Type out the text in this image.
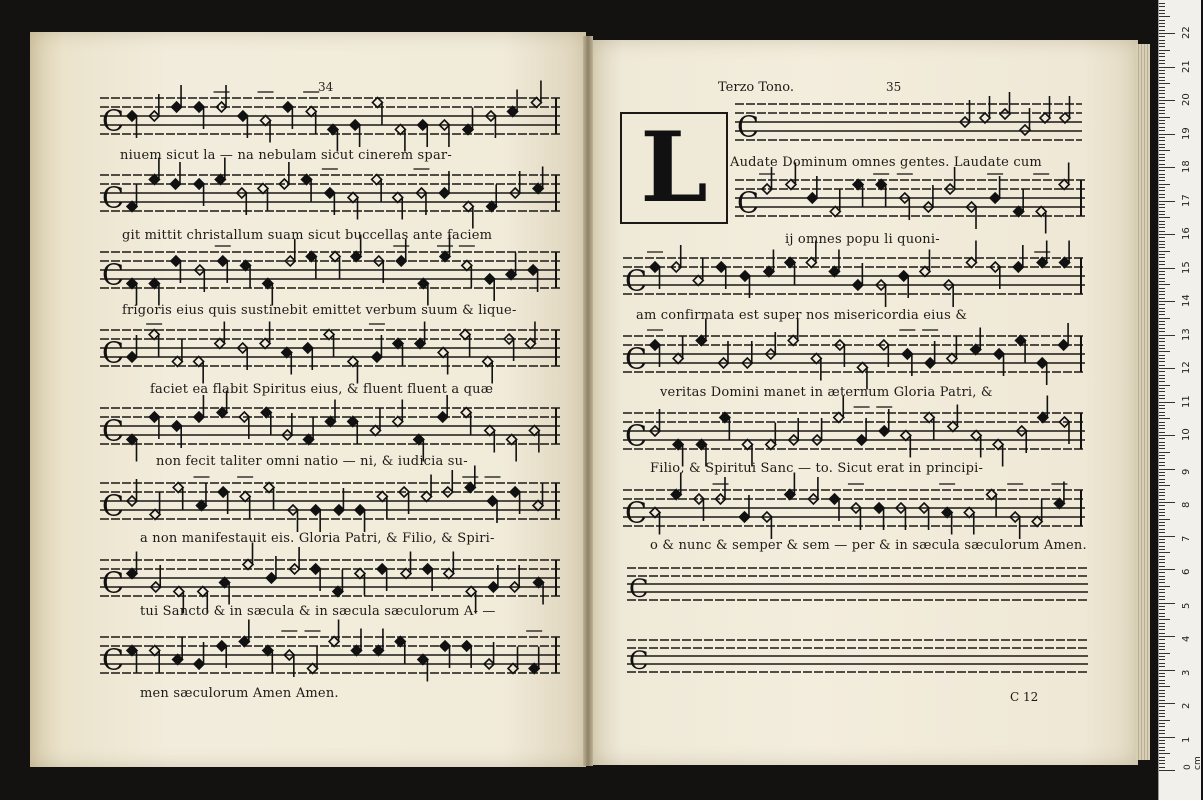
C
C
C
C
C
C
C
C
C
C
C
C
C
C
C
C
34	Terzo Tono.	35
L
niuem sicut la — na nebulam sicut cinerem spar-
git mittit christallum suam sicut buccellas ante faciem
frigoris eius quis sustinebit emittet verbum suum & lique-
faciet ea flabit Spiritus eius, & fluent fluent a quæ
non fecit taliter omni natio — ni, & iudicia su-
a non manifestauit eis. Gloria Patri, & Filio, & Spiri-
tui Sancto & in sæcula & in sæcula sæculorum A- —
men sæculorum Amen Amen.
Audate Dominum omnes gentes. Laudate cum
ij omnes popu li quoni-
am confirmata est super nos misericordia eius &
veritas Domini manet in æternum Gloria Patri, &
Filio, & Spiritui Sanc — to. Sicut erat in principi-
o & nunc & semper & sem — per & in sæcula sæculorum Amen.
C 12
0 cm
1
2
3
4
5
6
7
8
9
10
11
12
13
14
15
16
17
18
19
20
21
22
